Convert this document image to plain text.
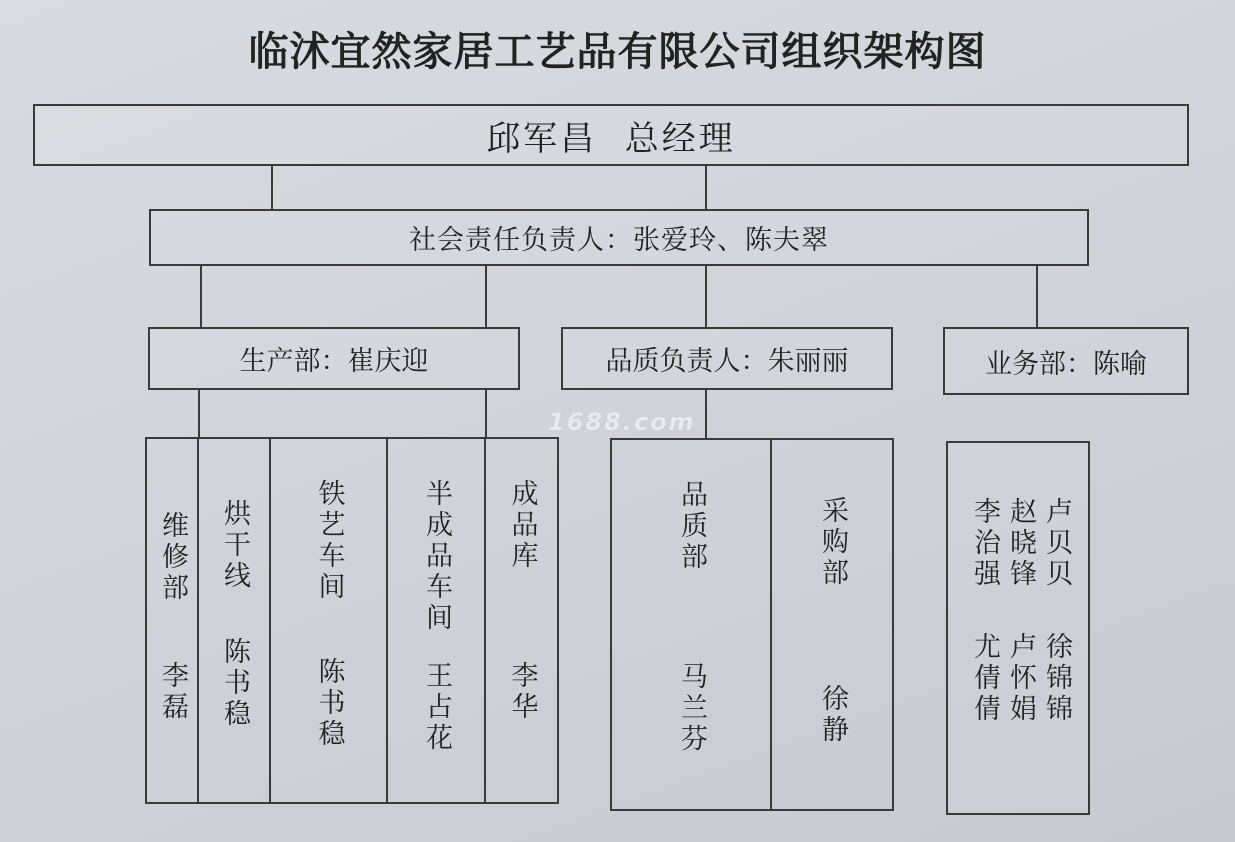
临沭宜然家居工艺品有限公司组织架构图
邱军昌  总经理
社会责任负责人：张爱玲、陈夫翠
生产部：崔庆迎	品质负责人：朱丽丽	业务部：陈喻
维修部
李磊
烘干线
陈书稳
铁艺车间
陈书稳
半成品车间
王占花
成品库
李华
品质部
马兰芬
采购部
徐静
李治强
尤倩倩
赵晓锋
卢怀娟
卢贝贝
徐锦锦
1688.com
